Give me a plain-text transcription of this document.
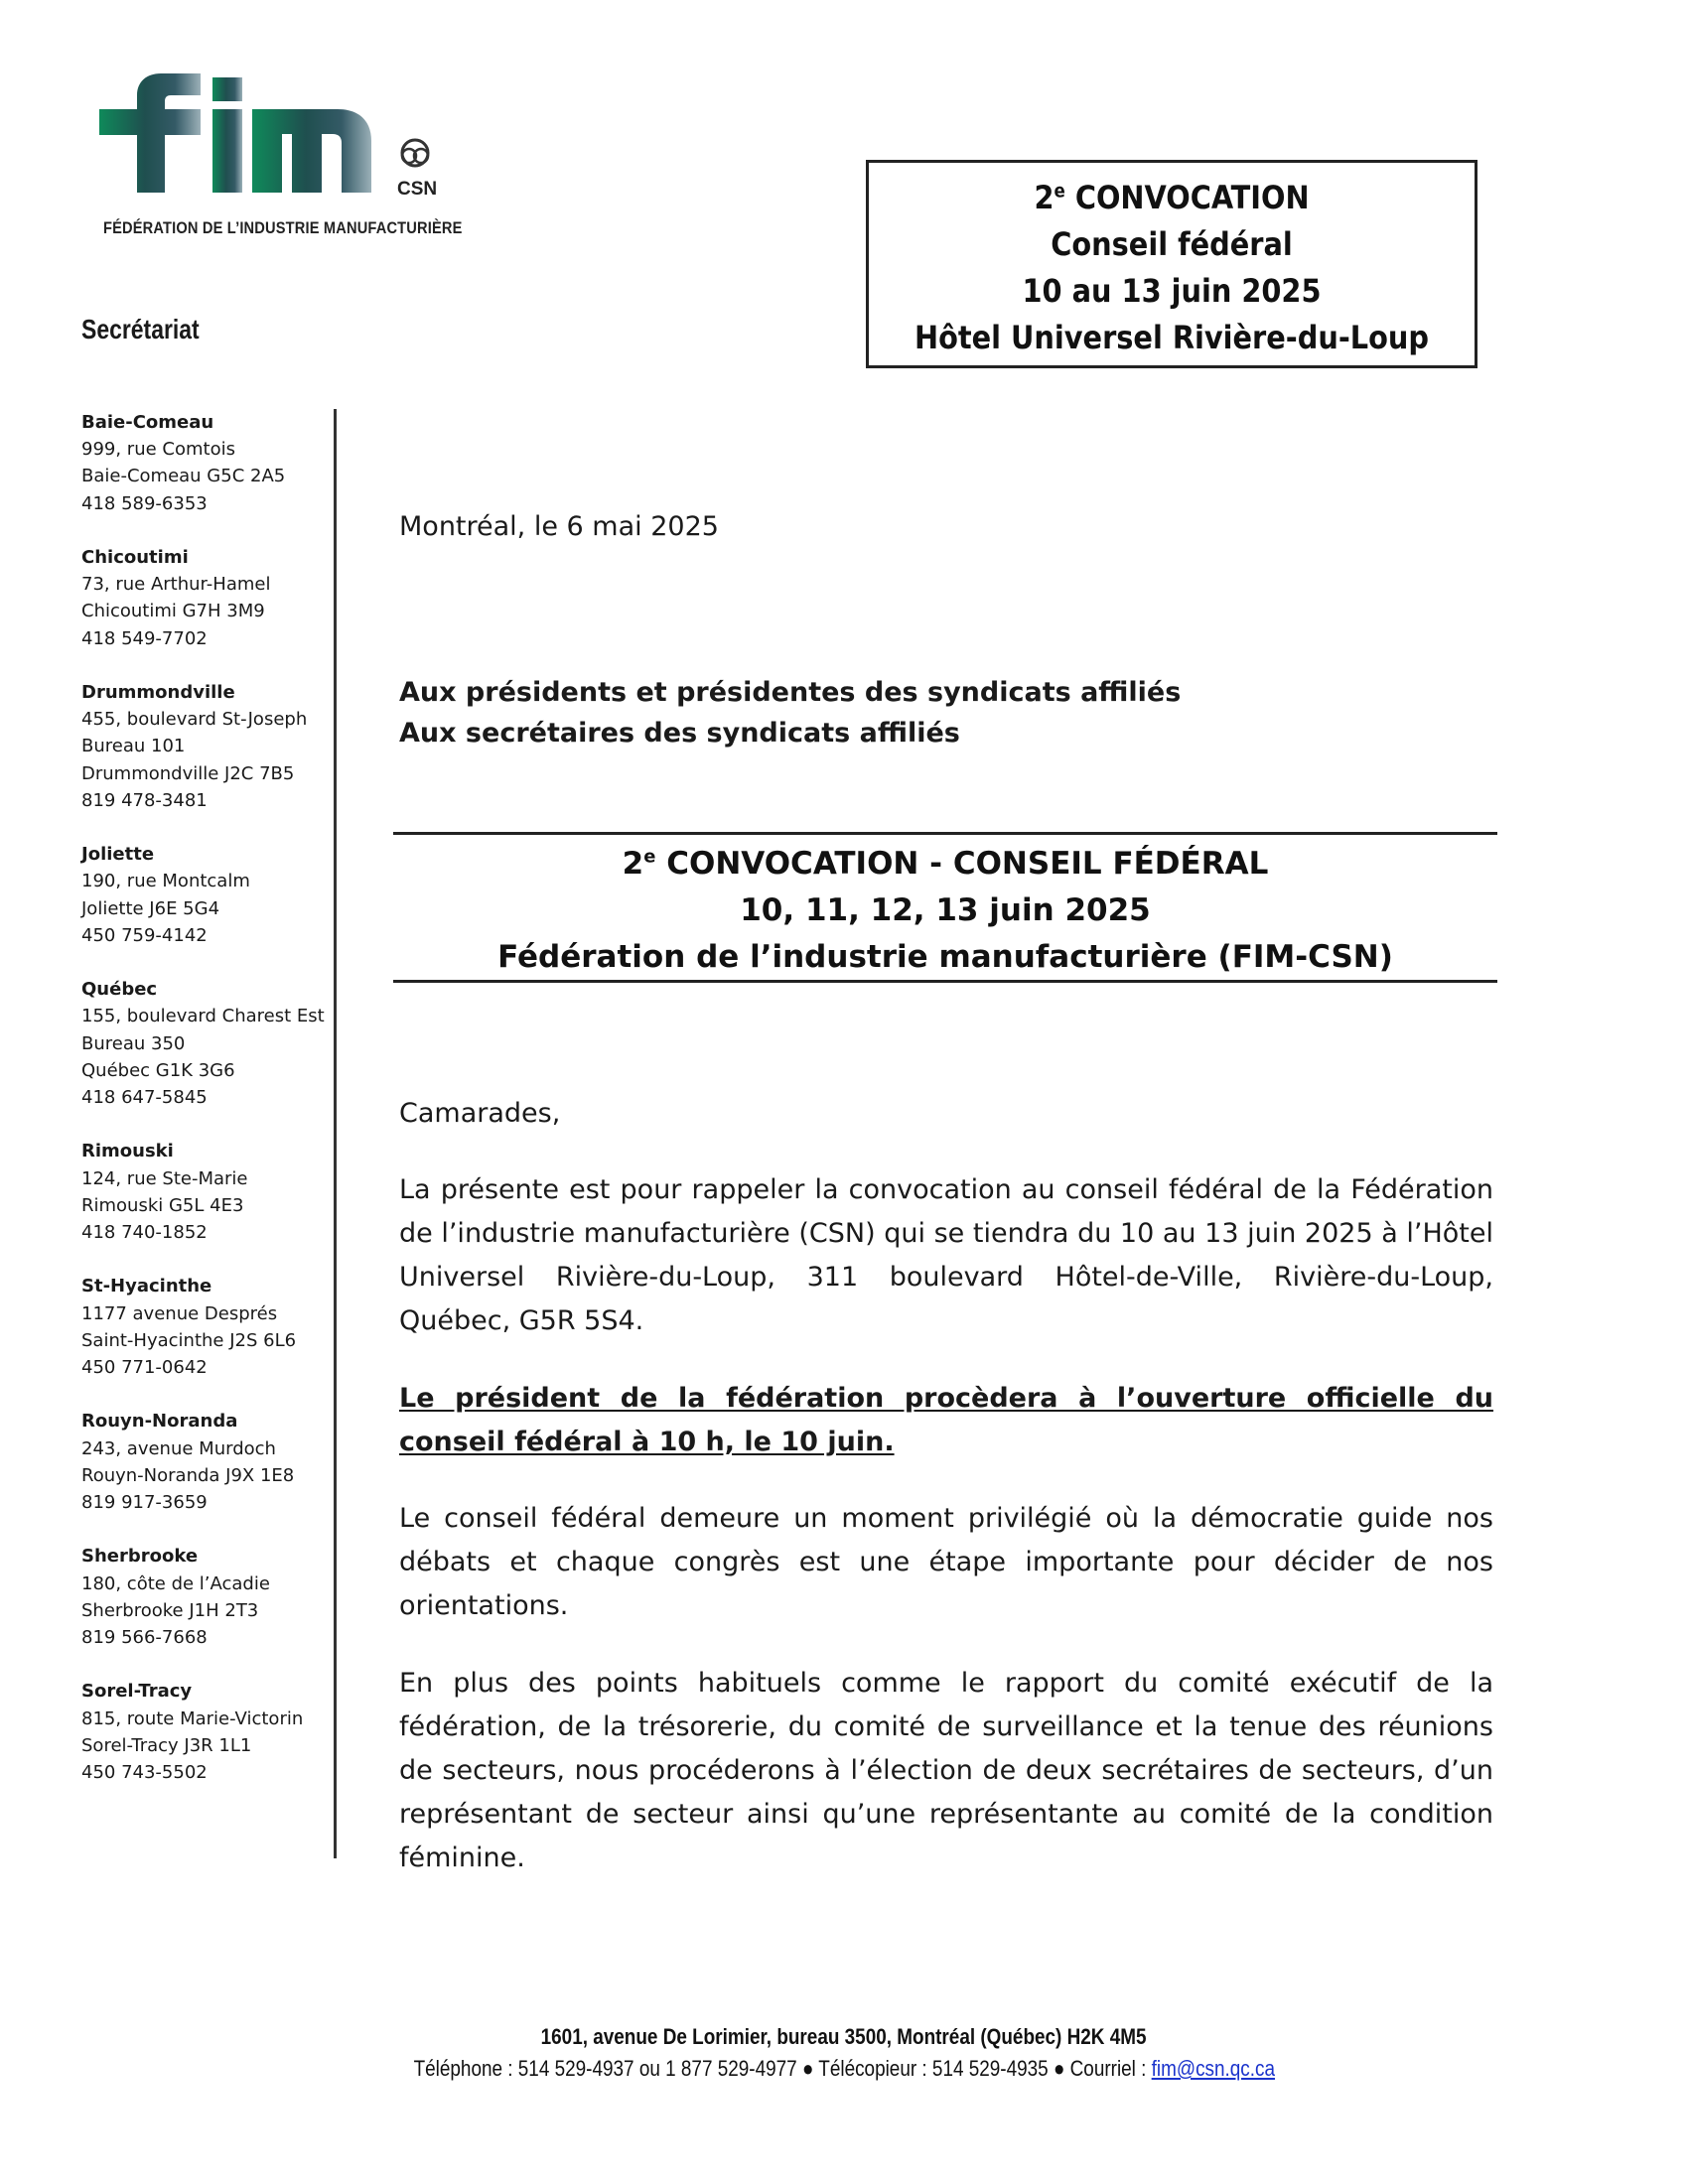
CSN
FÉDÉRATION DE L’INDUSTRIE MANUFACTURIÈRE
2e CONVOCATION
Conseil fédéral
10 au 13 juin 2025
Hôtel Universel Rivière-du-Loup
Secrétariat
Baie-Comeau
999, rue Comtois
Baie-Comeau G5C 2A5
418 589-6353
Chicoutimi
73, rue Arthur-Hamel
Chicoutimi G7H 3M9
418 549-7702
Drummondville
455, boulevard St-Joseph
Bureau 101
Drummondville J2C 7B5
819 478-3481
Joliette
190, rue Montcalm
Joliette J6E 5G4
450 759-4142
Québec
155, boulevard Charest Est
Bureau 350
Québec G1K 3G6
418 647-5845
Rimouski
124, rue Ste-Marie
Rimouski G5L 4E3
418 740-1852
St-Hyacinthe
1177 avenue Després
Saint-Hyacinthe J2S 6L6
450 771-0642
Rouyn-Noranda
243, avenue Murdoch
Rouyn-Noranda J9X 1E8
819 917-3659
Sherbrooke
180, côte de l’Acadie
Sherbrooke J1H 2T3
819 566-7668
Sorel-Tracy
815, route Marie-Victorin
Sorel-Tracy J3R 1L1
450 743-5502
Montréal, le 6 mai 2025
Aux présidents et présidentes des syndicats affiliés
Aux secrétaires des syndicats affiliés
2e CONVOCATION - CONSEIL FÉDÉRAL
10, 11, 12, 13 juin 2025
Fédération de l’industrie manufacturière (FIM-CSN)
Camarades,
La présente est pour rappeler la convocation au conseil fédéral de la Fédération de l’industrie manufacturière (CSN) qui se tiendra du 10 au 13 juin 2025 à l’Hôtel Universel Rivière-du-Loup, 311 boulevard Hôtel-de-Ville, Rivière-du-Loup, Québec, G5R 5S4.
Le président de la fédération procèdera à l’ouverture officielle du conseil fédéral à 10 h, le 10 juin.
Le conseil fédéral demeure un moment privilégié où la démocratie guide nos débats et chaque congrès est une étape importante pour décider de nos orientations.
En plus des points habituels comme le rapport du comité exécutif de la fédération, de la trésorerie, du comité de surveillance et la tenue des réunions de secteurs, nous procéderons à l’élection de deux secrétaires de secteurs, d’un représentant de secteur ainsi qu’une représentante au comité de la condition féminine.
1601, avenue De Lorimier, bureau 3500, Montréal (Québec) H2K 4M5
Téléphone : 514 529-4937 ou 1 877 529-4977 ● Télécopieur : 514 529-4935 ● Courriel : fim@csn.qc.ca
